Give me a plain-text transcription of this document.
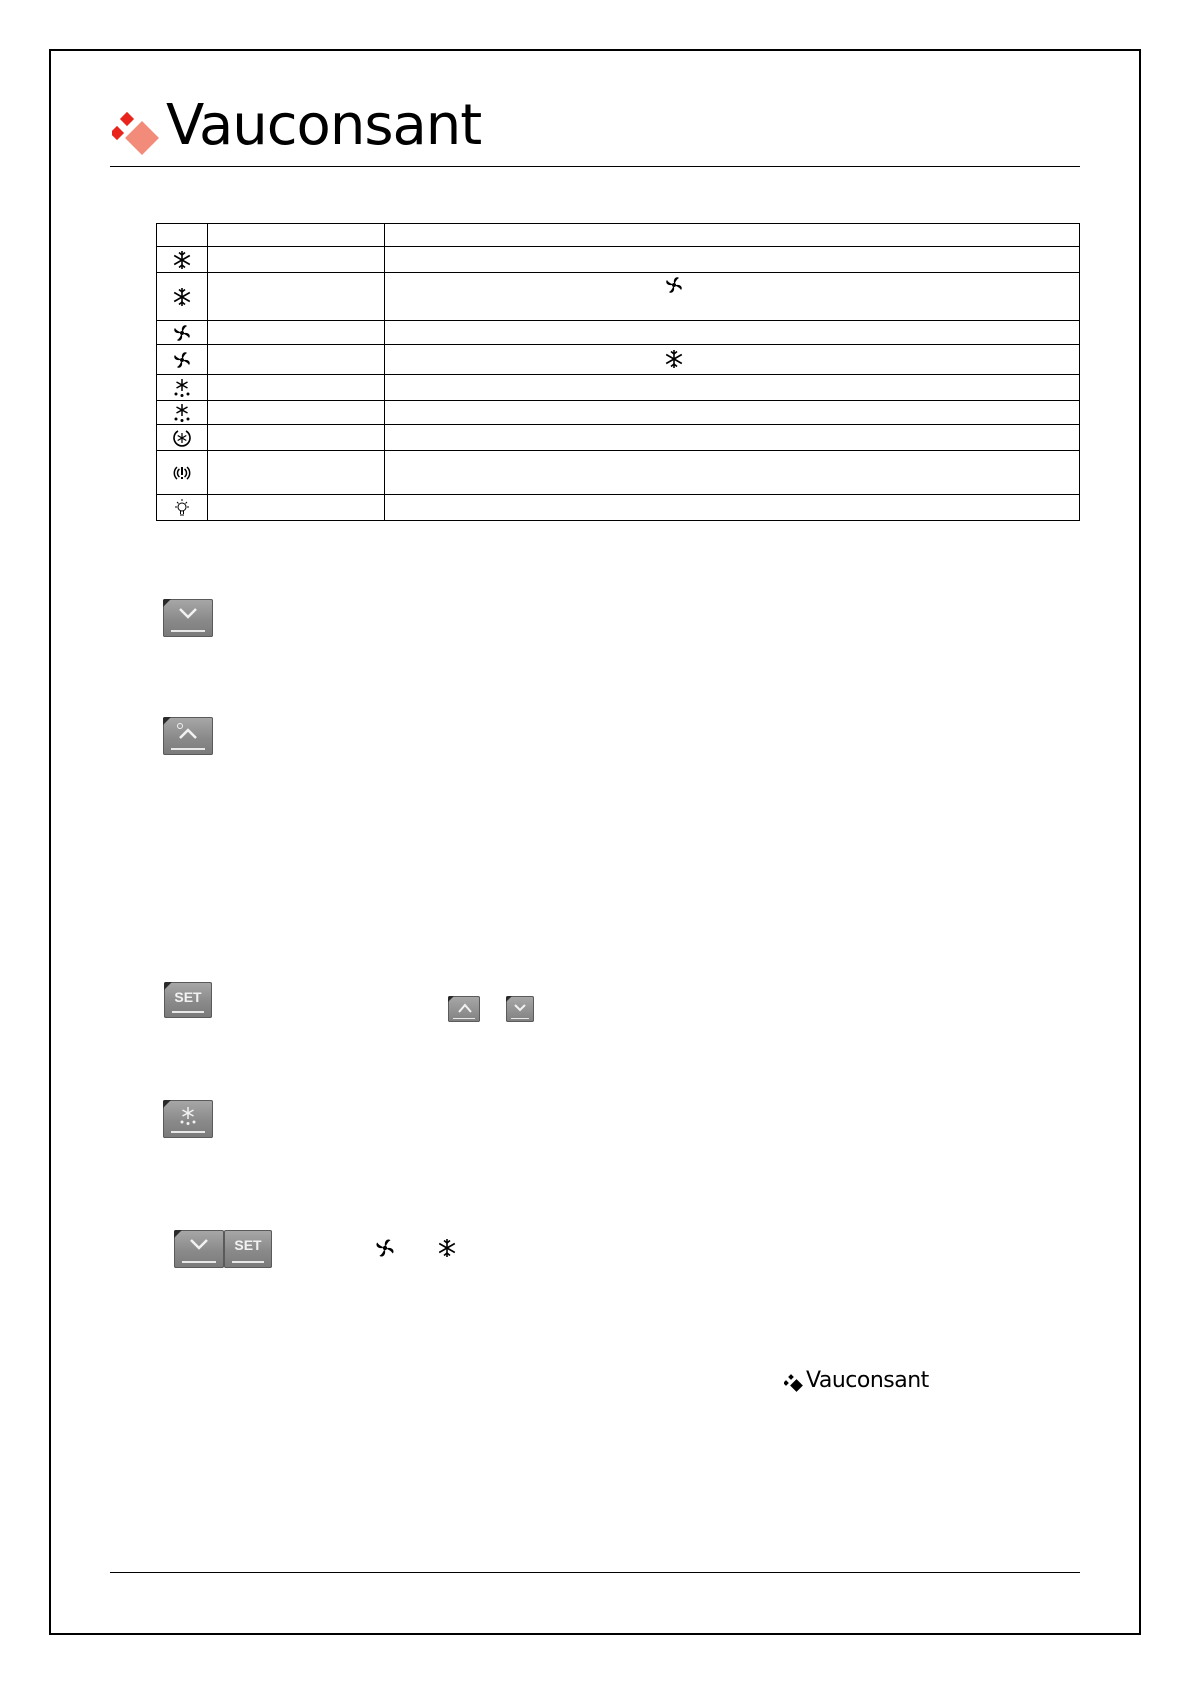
Vauconsant

SET
SET
Vauconsant
